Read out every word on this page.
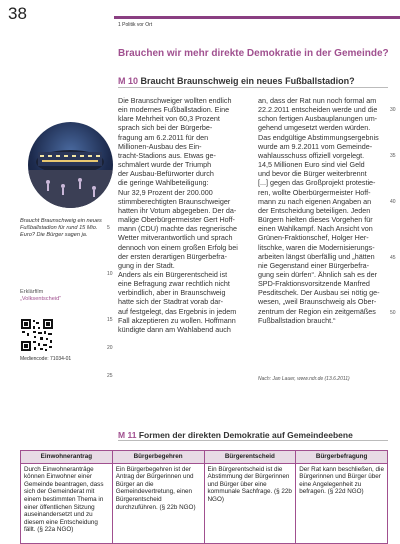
38
1 Politik vor Ort
Brauchen wir mehr direkte Demokratie in der Gemeinde?
M 10 Braucht Braunschweig ein neues Fußballstadion?
Braucht Braunschweig ein neues Fußballstadion für rund 15 Mio. Euro? Die Bürger sagen ja.
Erklärfilm
„Volksentscheid“
Mediencode: 71034-01
Die Braunschweiger wollten endlich
ein modernes Fußballstadion. Eine
klare Mehrheit von 60,3 Prozent
sprach sich bei der Bürgerbe-
fragung am 6.2.2011 für den
Millionen-Ausbau des Ein-
tracht-Stadions aus. Etwas ge-
schmälert wurde der Triumph
der Ausbau-Befürworter durch
die geringe Wahlbeteiligung:
Nur 32,9 Prozent der 200.000
stimmberechtigten Braunschweiger
hatten ihr Votum abgegeben. Der da-
malige Oberbürgermeister Gert Hoff-
mann (CDU) machte das regnerische
Wetter mitverantwortlich und sprach
dennoch von einem großen Erfolg bei
der ersten derartigen Bürgerbefra-
gung in der Stadt.
Anders als ein Bürgerentscheid ist
eine Befragung zwar rechtlich nicht
verbindlich, aber in Braunschweig
hatte sich der Stadtrat vorab dar-
auf festgelegt, das Ergebnis in jedem
Fall akzeptieren zu wollen. Hoffmann
kündigte dann am Wahlabend auch
an, dass der Rat nun noch formal am
22.2.2011 entscheiden werde und die
schon fertigen Ausbauplanungen um-
gehend umgesetzt werden würden.
Das endgültige Abstimmungsergebnis
wurde am 9.2.2011 vom Gemeinde-
wahlausschuss offiziell vorgelegt.
14,5 Millionen Euro sind viel Geld
und bevor die Bürger weiterbrennt
[...] gegen das Großprojekt protestie-
ren, wollte Oberbürgermeister Hoff-
mann zu nach eigenen Angaben an
der Entscheidung beteiligen. Jeden
Bürgern hielten dieses Vorgehen für
einen Wahlkampf. Nach Ansicht von
Grünen-Fraktionschef, Holger Her-
litschke, waren die Modernisierungs-
arbeiten längst überfällig und „hätten
nie Gegenstand einer Bürgerbefra-
gung sein dürfen“. Ähnlich sah es der
SPD-Fraktionsvorsitzende Manfred
Pesditschek. Der Ausbau sei nötig ge-
wesen, „weil Braunschweig als Ober-
zentrum der Region ein zeitgemäßes
Fußballstadion braucht.“
5
10
15
20
25
30
35
40
45
50
Nach: Jan Lauer, www.ndr.de (13.6.2011)
M 11 Formen der direkten Demokratie auf Gemeindeebene
Einwohnerantrag	Bürgerbegehren	Bürgerentscheid	Bürgerbefragung
Durch Einwohneranträge können Einwohner einer Gemeinde beantragen, dass sich der Gemeinderat mit einem bestimmten Thema in einer öffentlichen Sitzung auseinandersetzt und zu diesem eine Entscheidung fällt. (§ 22a NGO)	Ein Bürgerbegehren ist der Antrag der Bürgerinnen und Bürger an die Gemeindevertretung, einen Bürgerentscheid durchzuführen. (§ 22b NGO)	Ein Bürgerentscheid ist die Abstimmung der Bürgerinnen und Bürger über eine kommunale Sachfrage. (§ 22b NGO)	Der Rat kann beschließen, die Bürgerinnen und Bürger über eine Angelegenheit zu befragen. (§ 22d NGO)
